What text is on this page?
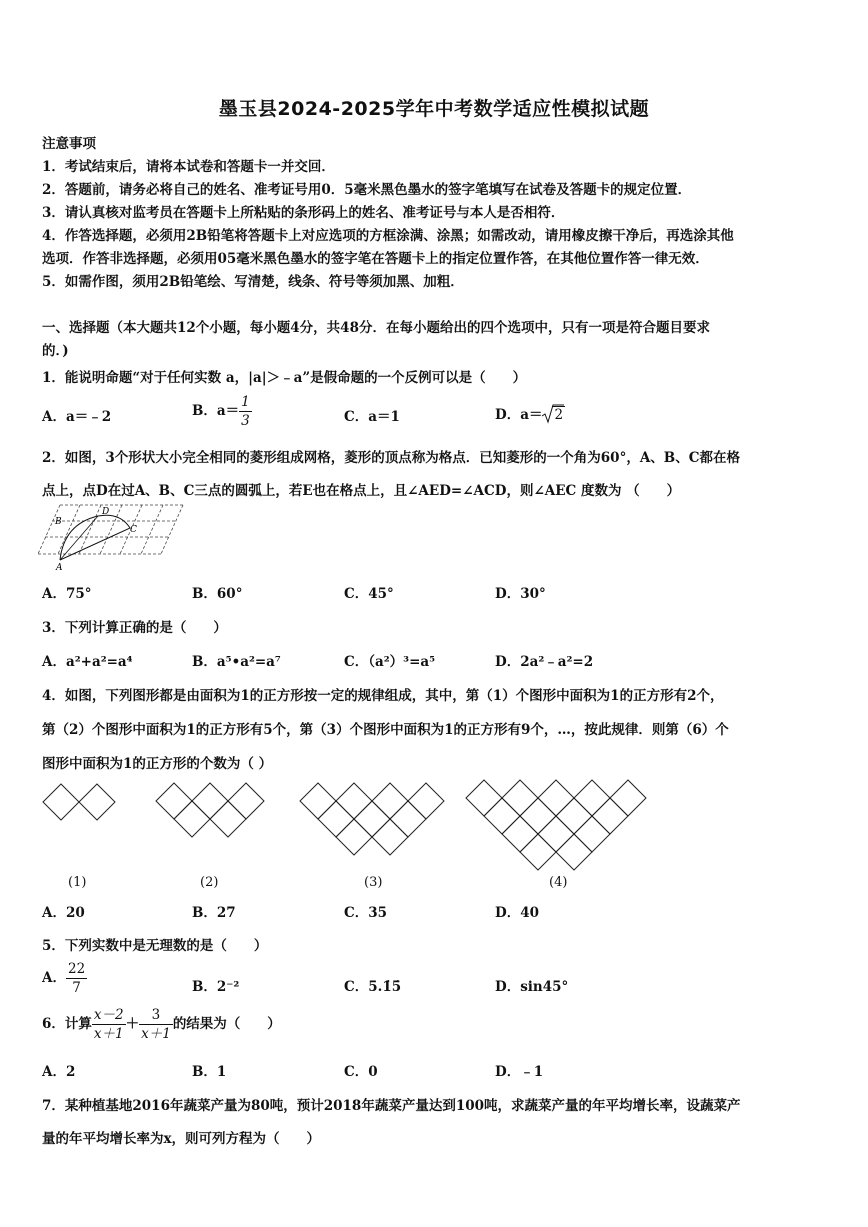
墨玉县2024-2025学年中考数学适应性模拟试题
注意事项
1．考试结束后，请将本试卷和答题卡一并交回．
2．答题前，请务必将自己的姓名、准考证号用0．5毫米黑色墨水的签字笔填写在试卷及答题卡的规定位置．
3．请认真核对监考员在答题卡上所粘贴的条形码上的姓名、准考证号与本人是否相符．
4．作答选择题，必须用2B铅笔将答题卡上对应选项的方框涂满、涂黑；如需改动，请用橡皮擦干净后，再选涂其他
选项．作答非选择题，必须用05毫米黑色墨水的签字笔在答题卡上的指定位置作答，在其他位置作答一律无效．
5．如需作图，须用2B铅笔绘、写清楚，线条、符号等须加黑、加粗．
一、选择题（本大题共12个小题，每小题4分，共48分．在每小题给出的四个选项中，只有一项是符合题目要求
的．)
1．能说明命题“对于任何实数 a，|a|＞﹣a”是假命题的一个反例可以是（　　）
A．a＝﹣2	B．$a= \frac{1}{3}$	C．a＝1	D．a＝ 2
2．如图，3个形状大小完全相同的菱形组成网格，菱形的顶点称为格点．已知菱形的一个角为60°，A、B、C都在格
点上，点D在过A、B、C三点的圆弧上，若E也在格点上，且∠AED=∠ACD，则∠AEC 度数为 （　　）
B
D
C
A
A．75°	B．60°	C．45°	D．30°
3．下列计算正确的是（　　）
A．a²+a²=a⁴	B．a⁵•a²=a⁷	C．（a²）³=a⁵	D．2a²﹣a²=2
4．如图，下列图形都是由面积为1的正方形按一定的规律组成，其中，第（1）个图形中面积为1的正方形有2个，
第（2）个图形中面积为1的正方形有5个，第（3）个图形中面积为1的正方形有9个，…，按此规律．则第（6）个
图形中面积为1的正方形的个数为（ ）
(1)	(2)	(3)	(4)
A．20	B．27	C．35	D．40
5．下列实数中是无理数的是（　　）
A． $\frac{22}{7}$	B．2⁻²	C．5.1̇5̇	D．sin45°
6．计算 $\frac{x-2}{x+1} + \frac{3}{x+1}$ 的结果为（　　）
A．2	B．1	C．0	D．﹣1
7．某种植基地2016年蔬菜产量为80吨，预计2018年蔬菜产量达到100吨，求蔬菜产量的年平均增长率，设蔬菜产
量的年平均增长率为x，则可列方程为（　　）
